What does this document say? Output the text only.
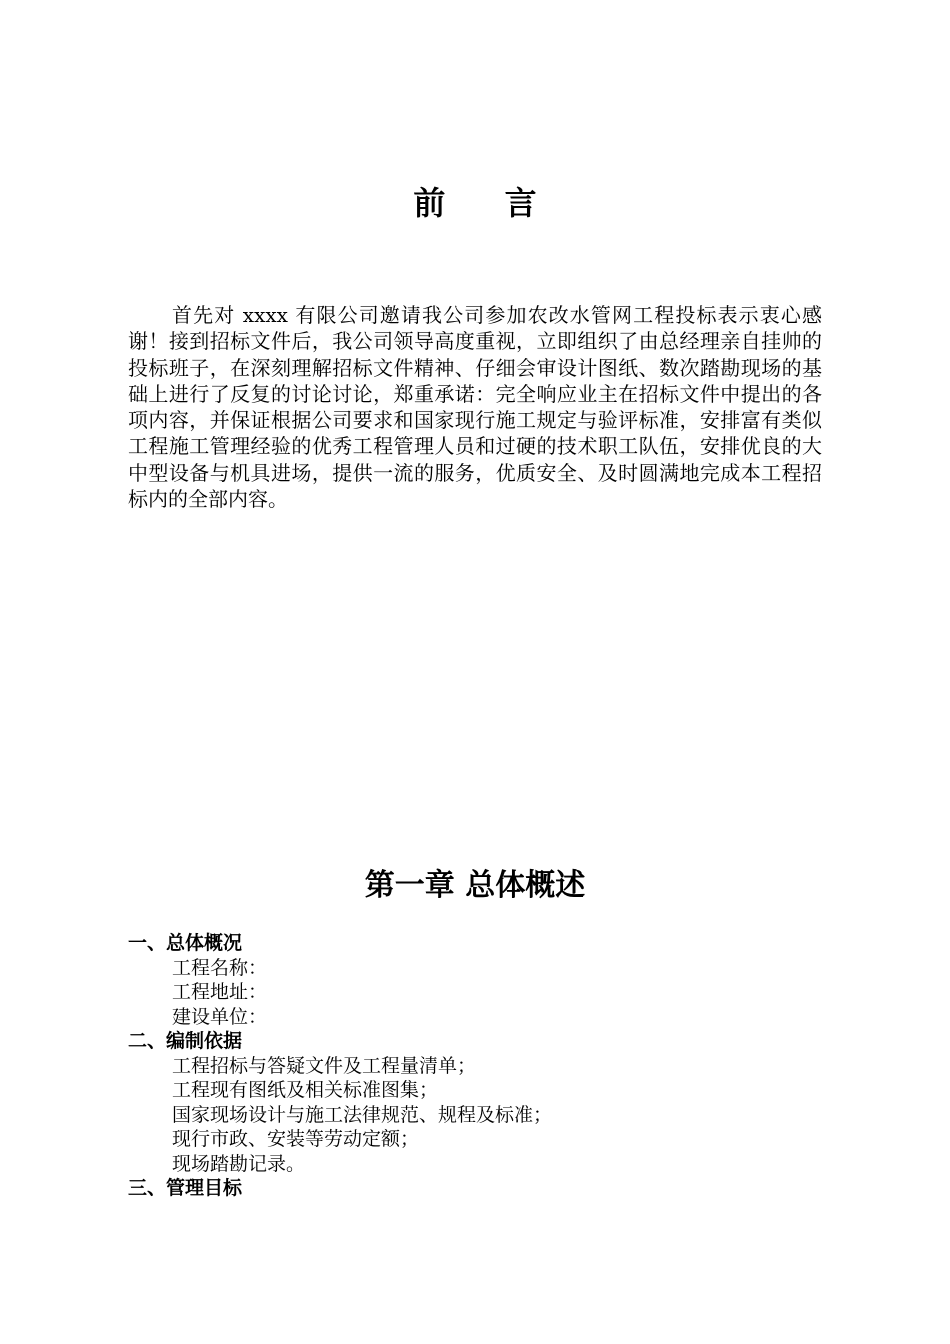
前 言

首先对 xxxx 有限公司邀请我公司参加农改水管网工程投标表示衷心感谢！接到招标文件后，我公司领导高度重视，立即组织了由总经理亲自挂帅的投标班子，在深刻理解招标文件精神、仔细会审设计图纸、数次踏勘现场的基础上进行了反复的讨论讨论，郑重承诺：完全响应业主在招标文件中提出的各项内容，并保证根据公司要求和国家现行施工规定与验评标准，安排富有类似工程施工管理经验的优秀工程管理人员和过硬的技术职工队伍，安排优良的大中型设备与机具进场，提供一流的服务，优质安全、及时圆满地完成本工程招标内的全部内容。

第一章 总体概述
一、总体概况
工程名称：
工程地址：
建设单位：
二、编制依据
工程招标与答疑文件及工程量清单；
工程现有图纸及相关标准图集；
国家现场设计与施工法律规范、规程及标准；
现行市政、安装等劳动定额；
现场踏勘记录。
三、管理目标
